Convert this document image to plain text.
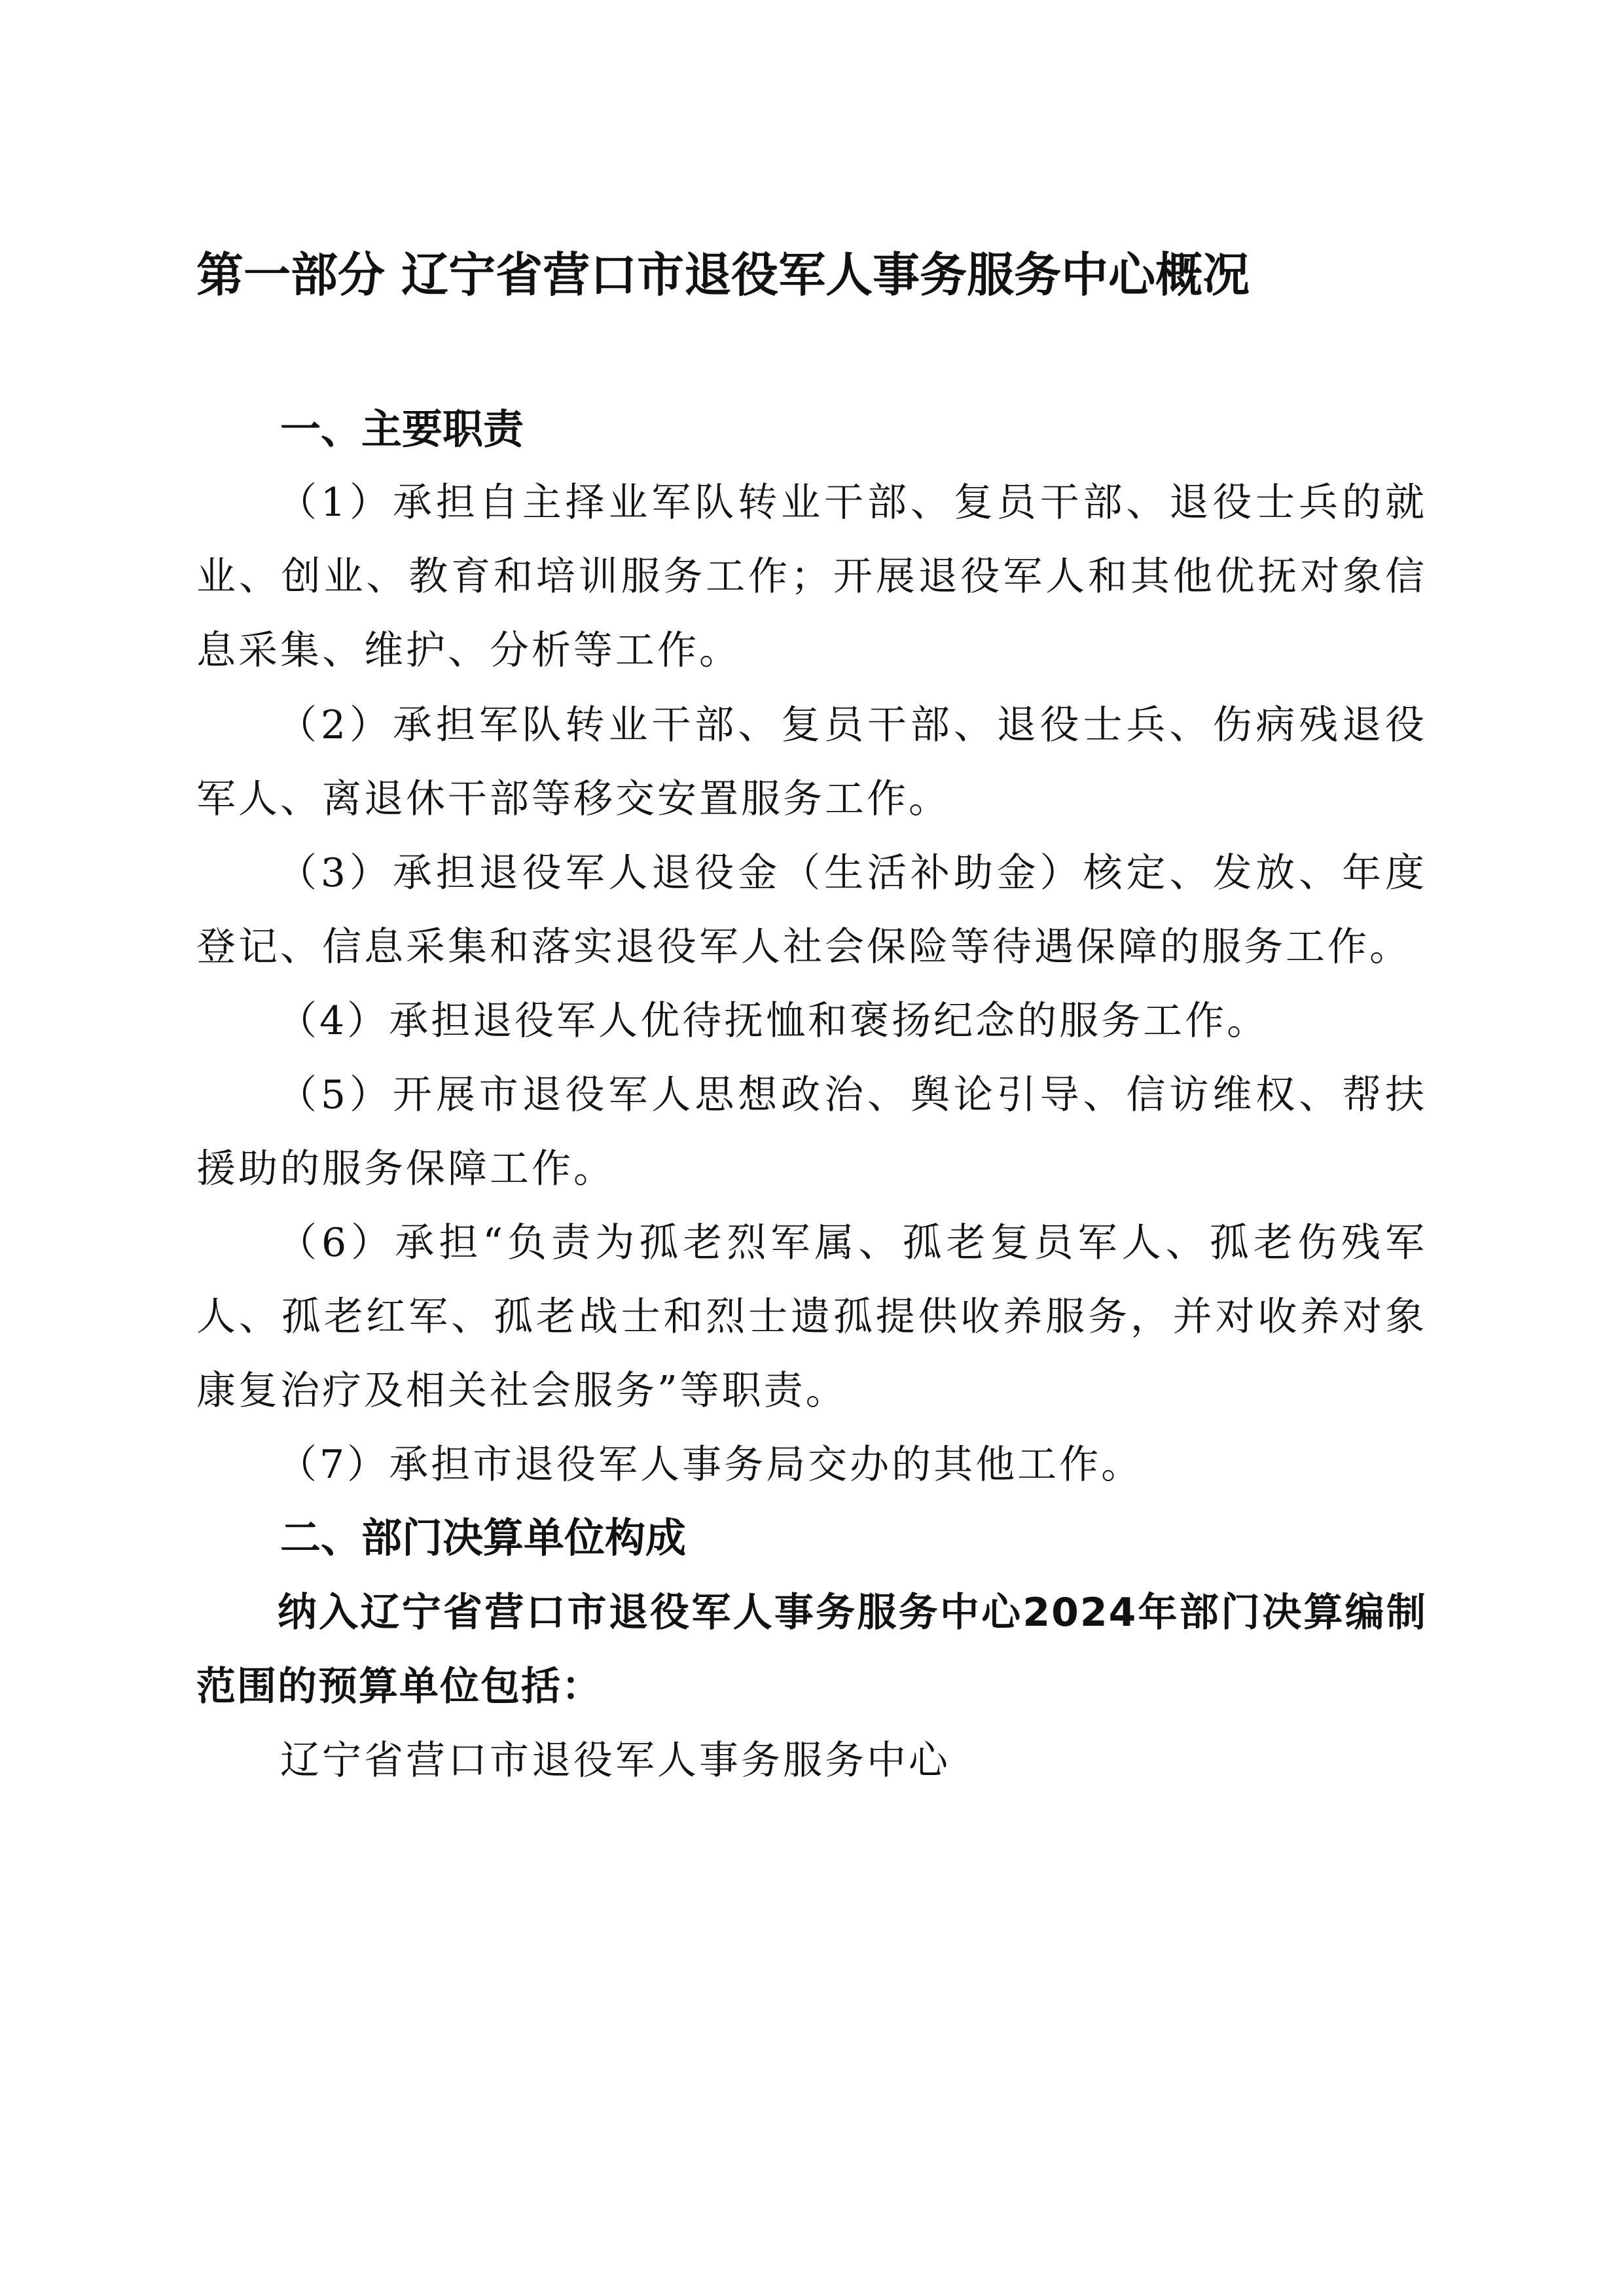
第一部分 辽宁省营口市退役军人事务服务中心概况
一、主要职责

（1）承担自主择业军队转业干部、复员干部、退役士兵的就业、创业、教育和培训服务工作；开展退役军人和其他优抚对象信息采集、维护、分析等工作。

（2）承担军队转业干部、复员干部、退役士兵、伤病残退役军人、离退休干部等移交安置服务工作。

（3）承担退役军人退役金（生活补助金）核定、发放、年度登记、信息采集和落实退役军人社会保险等待遇保障的服务工作。

（4）承担退役军人优待抚恤和褒扬纪念的服务工作。

（5）开展市退役军人思想政治、舆论引导、信访维权、帮扶援助的服务保障工作。

（6）承担“负责为孤老烈军属、孤老复员军人、孤老伤残军人、孤老红军、孤老战士和烈士遗孤提供收养服务，并对收养对象康复治疗及相关社会服务”等职责。

（7）承担市退役军人事务局交办的其他工作。

二、部门决算单位构成

纳入辽宁省营口市退役军人事务服务中心2024年部门决算编制范围的预算单位包括：

辽宁省营口市退役军人事务服务中心
